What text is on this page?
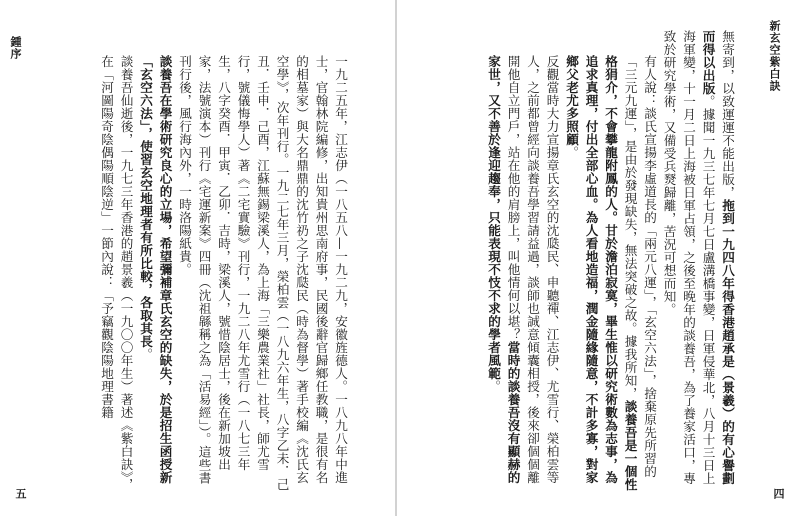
鍾序

一九二五年，江志伊（一八五八—一九二九，安徽旌德人。一八九八年中進士，官翰林院編修，出知貴州思南府事，民國後辭官歸鄉任教職，是很有名的相墓家）與大名鼎鼎的沈竹礽之子沈瓞民（時為督學）著手校編《沈氏玄空學》，次年刊行。一九二七年三月，榮柏雲（一八九六年生，八字乙未．己丑．壬申．己酉，江蘇無錫梁溪人，為上海「三樂農業社」社長，師尤雪行，號儀悔學人）著《二宅實驗》刊行，一九二八年尤雪行（一八七三年生，八字癸酉．甲寅．乙卯．吉時，梁溪人，號惜陰居士，後在新加坡出家，法號演本）刊行《宅運新案》四冊（沈祖緜稱之為「活易經」）。這些書刊行後，風行海內外，一時洛陽紙貴。

談養吾在學術研究良心的立場，希望彌補章氏玄空的缺失，於是招生函授新「玄空六法」，使習玄空地理者有所比較，各取其長。

談養吾仙逝後，一九七三年香港的趙景羲（一九〇〇年生）著述《紫白訣》，在「河圖陽奇陰偶陽順陰逆」一節內說：「予竊觀陰陽地理書籍

五

無寄到，以致運運不能出版，拖到一九四八年得香港趙承是（景羲）的有心譽劃而得以出版。據聞一九三七年七月七日盧溝橋事變，日軍侵華北，八月十三日上海軍變，十一月二日上海被日軍占領，之後至晚年的談養吾，為了養家活口，專致於研究學術，又備受兵燹歸離，苦況可想而知。

有人說：談氏宣揚李虛道長的「兩元八運」，「玄空六法」，捨棄原先所習的「三元九運」，是由於發現缺失，無法突破之故。據我所知，談養吾是一個性格狷介，不會攀龍附鳳的人。甘於澹泊寂寞，畢生惟以研究術數為志事，為追求真理，付出全部心血。為人看地造福，潤金隨緣隨意，不計多寡，對家鄉父老尤多照顧。

反觀當時大力宣揚章氏玄空的沈瓞民、申聽禪、江志伊、尤雪行、榮柏雲等人，之前都曾經向談養吾學習請益過，談師也誠意傾囊相授，後來卻個個離開他自立門戶，站在他的肩膀上，叫他情何以堪？當時的談養吾沒有顯赫的家世，又不善於逢迎趨奉，只能表現不忮不求的學者風範。

新玄空紫白訣
四
